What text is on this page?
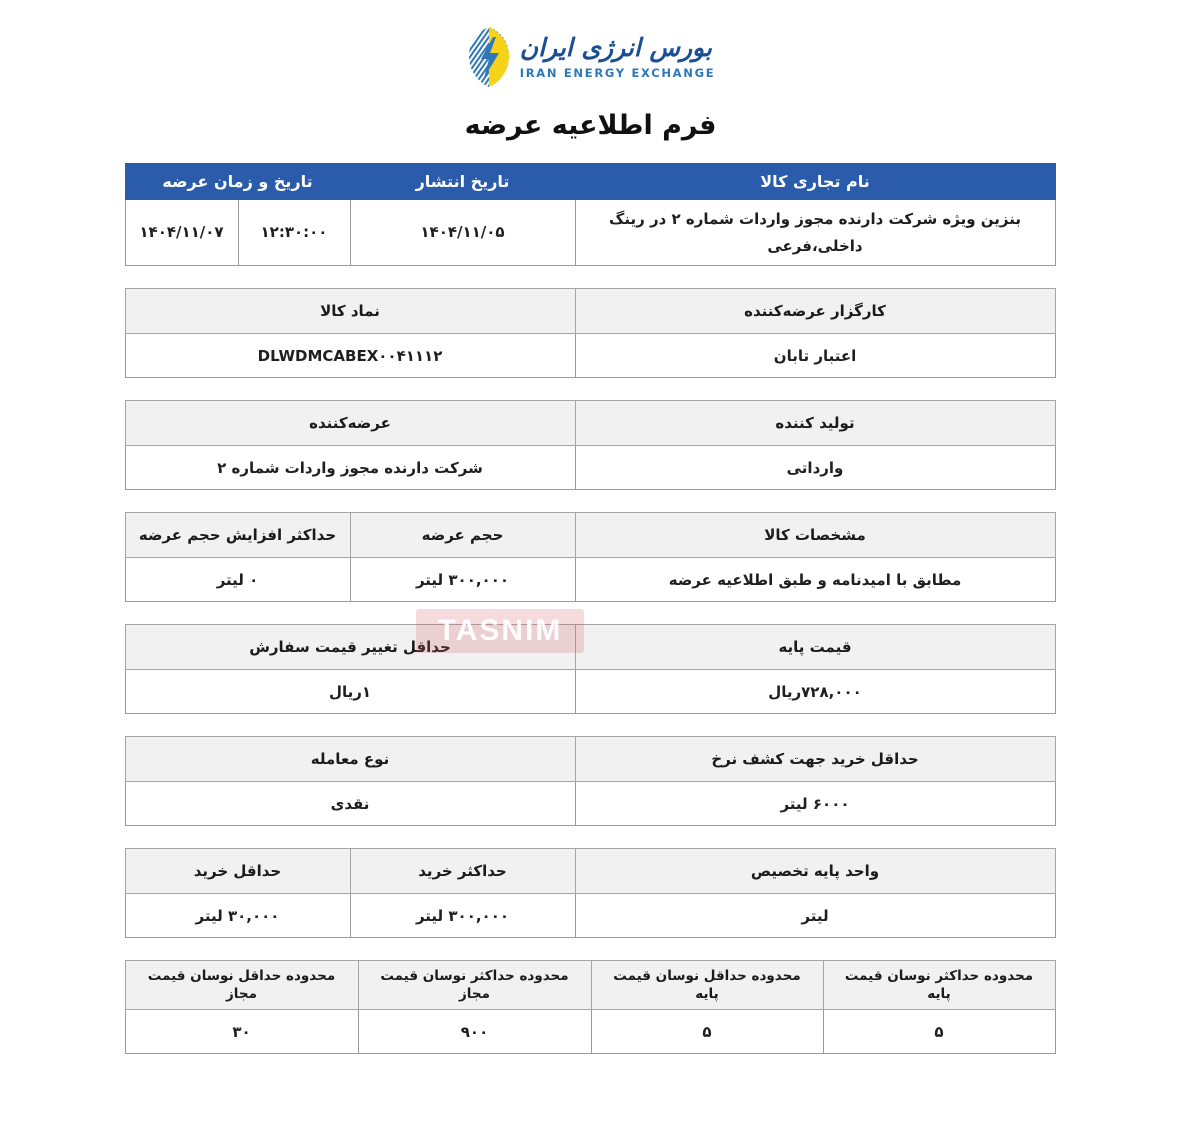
بورس انرژی ایران
IRAN ENERGY EXCHANGE
فرم اطلاعیه عرضه
نام تجاری کالا	تاریخ انتشار	تاریخ و زمان عرضه	
بنزین ویژه شرکت دارنده مجوز واردات شماره ۲ در رینگ داخلی،فرعی	۱۴۰۴/۱۱/۰۵	۱۲:۳۰:۰۰	۱۴۰۴/۱۱/۰۷
کارگزار عرضه‌کننده	نماد کالا
اعتبار تابان	DLWDMCABEX۰۰۴۱۱۱۲
تولید کننده	عرضه‌کننده
وارداتی	شرکت دارنده مجوز واردات شماره ۲
مشخصات کالا	حجم عرضه	حداکثر افزایش حجم عرضه
مطابق با امیدنامه و طبق اطلاعیه عرضه	۳۰۰,۰۰۰ لیتر	۰ لیتر
قیمت پایه	حداقل تغییر قیمت سفارش
۷۲۸,۰۰۰ریال	۱ریال
حداقل خرید جهت کشف نرخ	نوع معامله
۶۰۰۰ لیتر	نقدی
واحد پایه تخصیص	حداکثر خرید	حداقل خرید
لیتر	۳۰۰,۰۰۰ لیتر	۳۰,۰۰۰ لیتر
محدوده حداکثر نوسان قیمت پایه	محدوده حداقل نوسان قیمت پایه	محدوده حداکثر نوسان قیمت مجاز	محدوده حداقل نوسان قیمت مجاز
۵	۵	۹۰۰	۳۰
TASNIM
